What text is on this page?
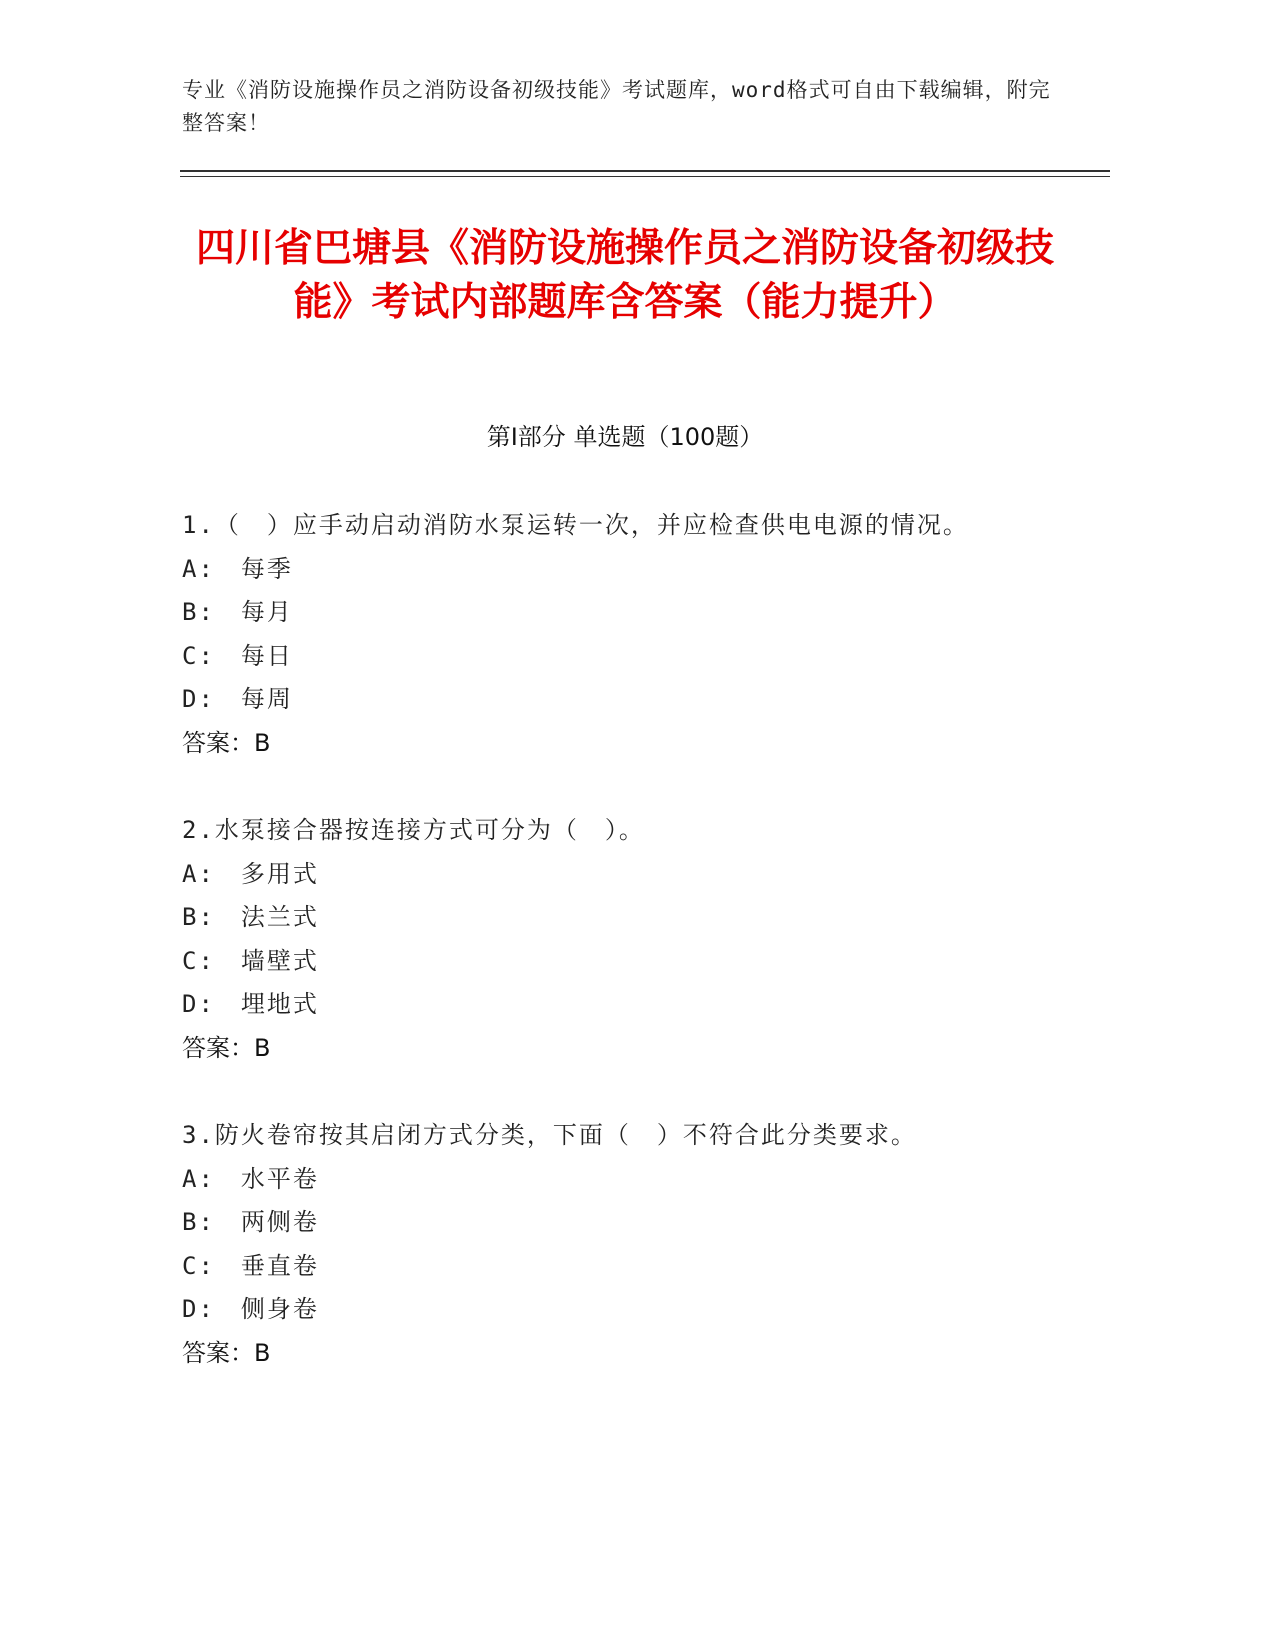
专业《消防设施操作员之消防设备初级技能》考试题库，word格式可自由下载编辑，附完整答案！
四川省巴塘县《消防设施操作员之消防设备初级技能》考试内部题库含答案（能力提升）
第Ⅰ部分 单选题（100题）
1.（　）应手动启动消防水泵运转一次，并应检查供电电源的情况。
A:　每季
B:　每月
C:　每日
D:　每周
答案：B
2.水泵接合器按连接方式可分为（　）。
A:　多用式
B:　法兰式
C:　墙壁式
D:　埋地式
答案：B
3.防火卷帘按其启闭方式分类，下面（　）不符合此分类要求。
A:　水平卷
B:　两侧卷
C:　垂直卷
D:　侧身卷
答案：B
